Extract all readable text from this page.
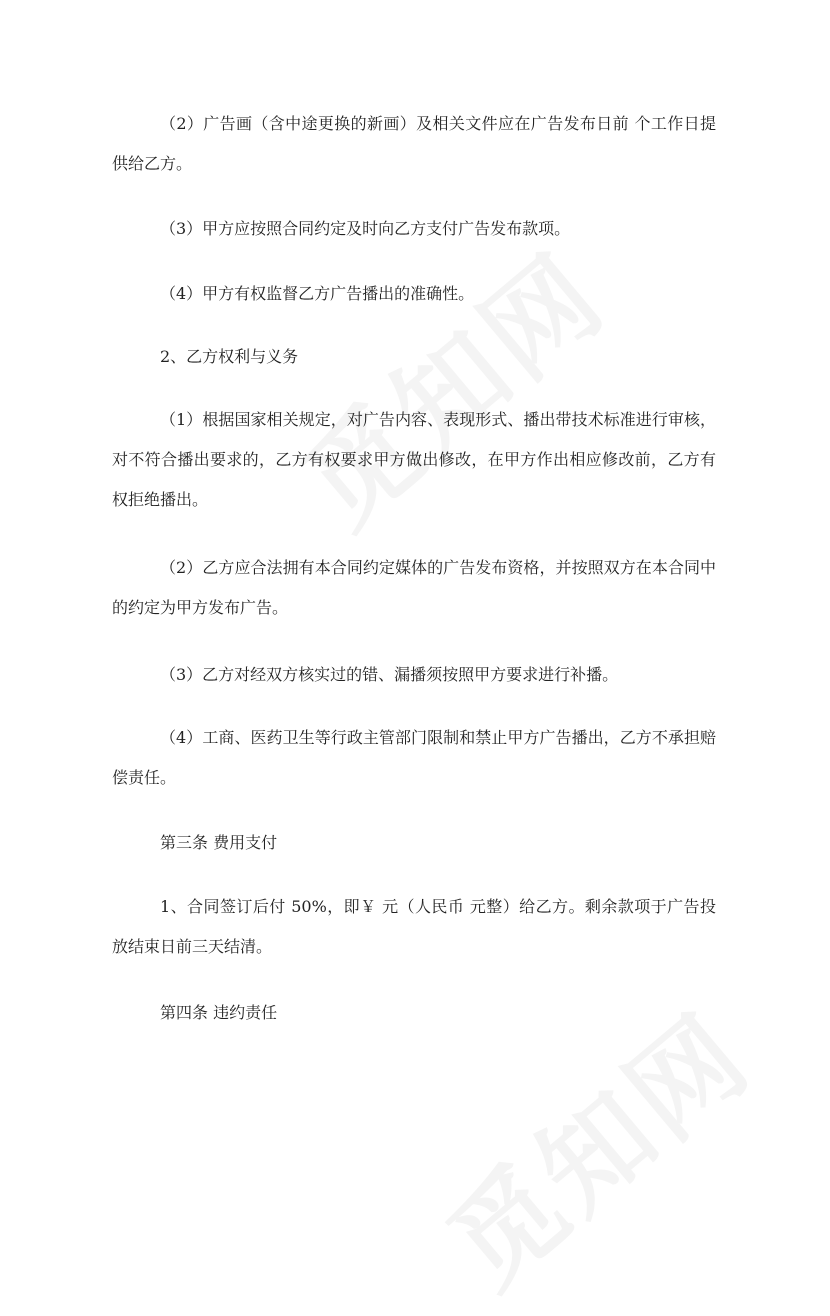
（2）广告画（含中途更换的新画）及相关文件应在广告发布日前 个工作日提供给乙方。

（3）甲方应按照合同约定及时向乙方支付广告发布款项。

（4）甲方有权监督乙方广告播出的准确性。

2、乙方权利与义务

（1）根据国家相关规定，对广告内容、表现形式、播出带技术标准进行审核，对不符合播出要求的，乙方有权要求甲方做出修改，在甲方作出相应修改前，乙方有权拒绝播出。

（2）乙方应合法拥有本合同约定媒体的广告发布资格，并按照双方在本合同中的约定为甲方发布广告。

（3）乙方对经双方核实过的错、漏播须按照甲方要求进行补播。

（4）工商、医药卫生等行政主管部门限制和禁止甲方广告播出，乙方不承担赔偿责任。

第三条 费用支付

1、合同签订后付 50%，即￥ 元（人民币 元整）给乙方。剩余款项于广告投放结束日前三天结清。

第四条 违约责任
